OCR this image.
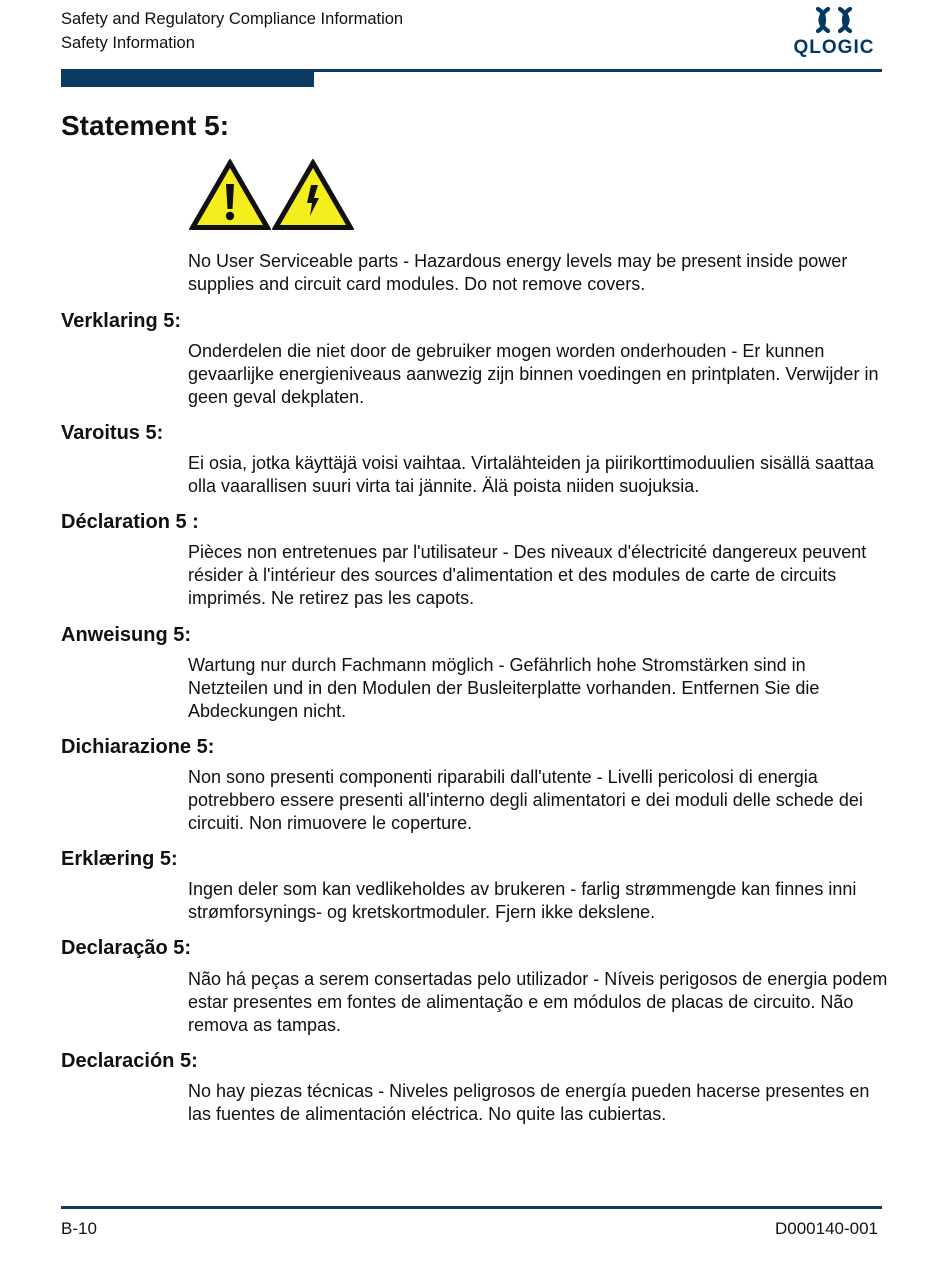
Safety and Regulatory Compliance Information
Safety Information	QLOGIC
Statement 5:
No User Serviceable parts - Hazardous energy levels may be present inside power supplies and circuit card modules. Do not remove covers.
Verklaring 5:
Onderdelen die niet door de gebruiker mogen worden onderhouden - Er kunnen gevaarlijke energieniveaus aanwezig zijn binnen voedingen en printplaten. Verwijder in geen geval dekplaten.
Varoitus 5:
Ei osia, jotka käyttäjä voisi vaihtaa. Virtalähteiden ja piirikorttimoduulien sisällä saattaa olla vaarallisen suuri virta tai jännite. Älä poista niiden suojuksia.
Déclaration 5 :
Pièces non entretenues par l'utilisateur - Des niveaux d'électricité dangereux peuvent résider à l'intérieur des sources d'alimentation et des modules de carte de circuits imprimés. Ne retirez pas les capots.
Anweisung 5:
Wartung nur durch Fachmann möglich - Gefährlich hohe Stromstärken sind in Netzteilen und in den Modulen der Busleiterplatte vorhanden. Entfernen Sie die Abdeckungen nicht.
Dichiarazione 5:
Non sono presenti componenti riparabili dall'utente - Livelli pericolosi di energia potrebbero essere presenti all'interno degli alimentatori e dei moduli delle schede dei circuiti. Non rimuovere le coperture.
Erklæring 5:
Ingen deler som kan vedlikeholdes av brukeren - farlig strømmengde kan finnes inni strømforsynings- og kretskortmoduler. Fjern ikke dekslene.
Declaração 5:
Não há peças a serem consertadas pelo utilizador - Níveis perigosos de energia podem estar presentes em fontes de alimentação e em módulos de placas de circuito. Não remova as tampas.
Declaración 5:
No hay piezas técnicas - Niveles peligrosos de energía pueden hacerse presentes en las fuentes de alimentación eléctrica. No quite las cubiertas.
B-10	D000140-001
